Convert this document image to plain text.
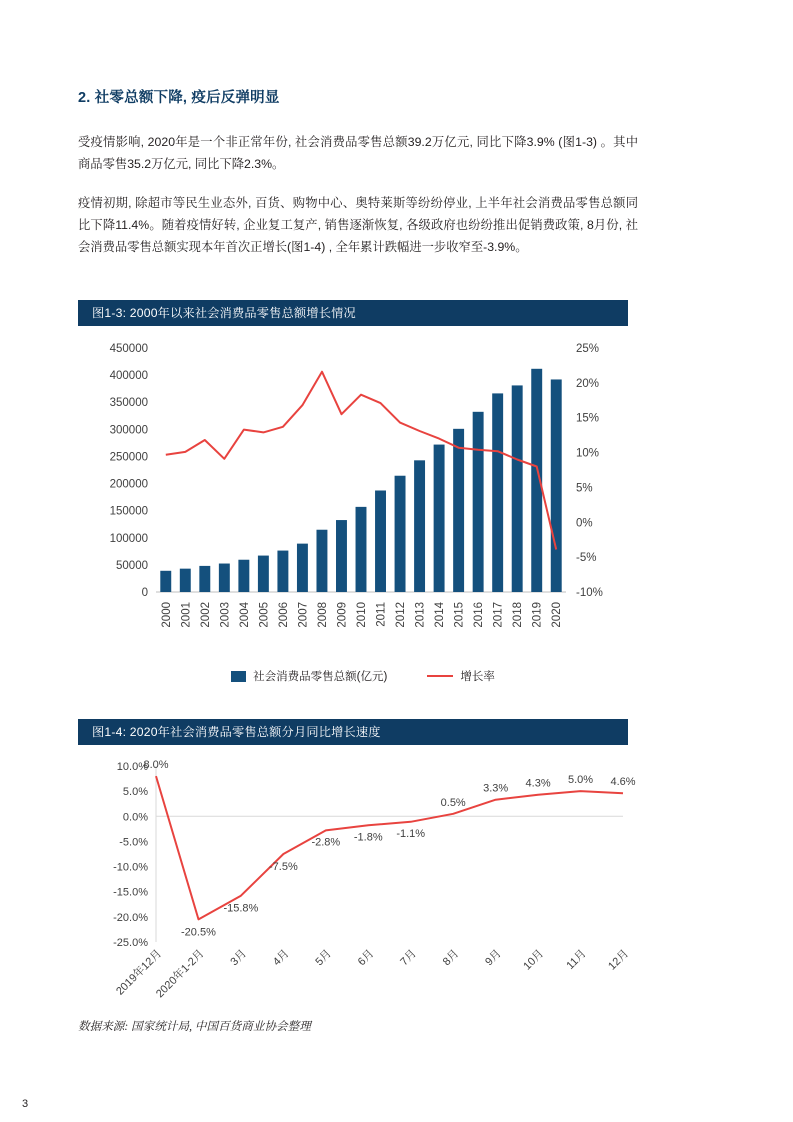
2. 社零总额下降, 疫后反弹明显

受疫情影响, 2020年是一个非正常年份, 社会消费品零售总额39.2万亿元, 同比下降3.9% (图1-3) 。其中商品零售35.2万亿元, 同比下降2.3%。

疫情初期, 除超市等民生业态外, 百货、购物中心、奥特莱斯等纷纷停业, 上半年社会消费品零售总额同比下降11.4%。随着疫情好转, 企业复工复产, 销售逐渐恢复, 各级政府也纷纷推出促销费政策, 8月份, 社会消费品零售总额实现本年首次正增长(图1-4) , 全年累计跌幅进一步收窄至-3.9%。

图1-3: 2000年以来社会消费品零售总额增长情况
0
50000
100000
150000
200000
250000
300000
350000
400000
450000
-10%
-5%
0%
5%
10%
15%
20%
25%
2000 2001 2002 2003 2004 2005 2006 2007 2008 2009 2010 2011 2012 2013 2014 2015 2016 2017 2018 2019 2020
社会消费品零售总额(亿元)	增长率
图1-4: 2020年社会消费品零售总额分月同比增长速度
10.0%
5.0%
0.0%
-5.0%
-10.0%
-15.0%
-20.0%
-25.0%
8.0%
-20.5%
-15.8%
-7.5%
-2.8% -1.8% -1.1%
0.5%
3.3% 4.3% 5.0% 4.6%
2019年12月
2020年1-2月 3月 4月 5月 6月 7月 8月 9月 10月 11月 12月
数据来源: 国家统计局, 中国百货商业协会整理
3
